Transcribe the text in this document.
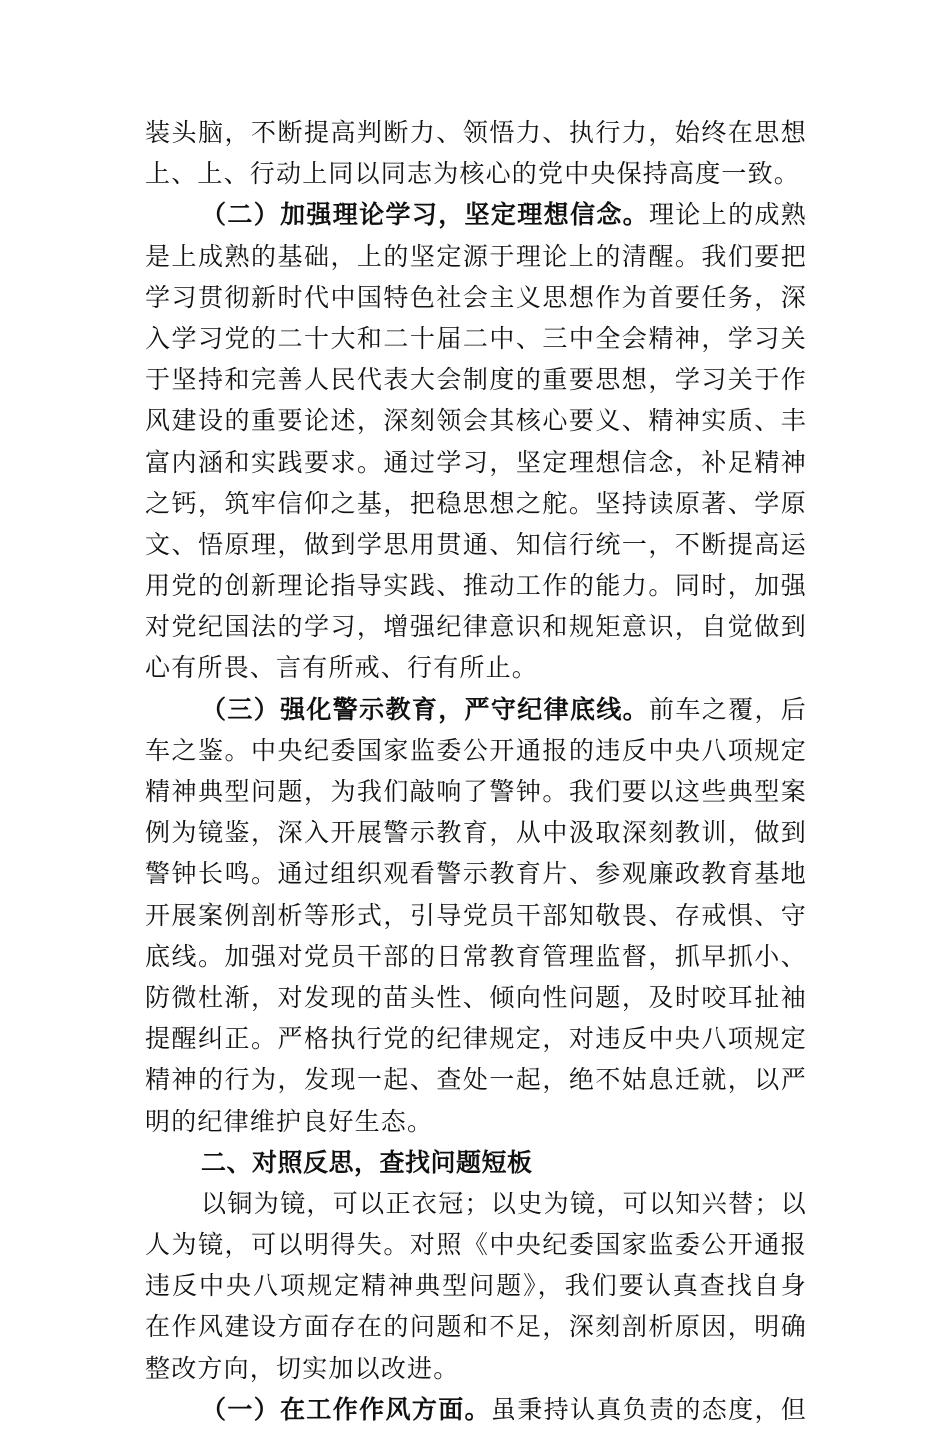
装头脑，不断提高判断力、领悟力、执行力，始终在思想
上、上、行动上同以同志为核心的党中央保持高度一致。
（二）加强理论学习，坚定理想信念。理论上的成熟
是上成熟的基础，上的坚定源于理论上的清醒。我们要把
学习贯彻新时代中国特色社会主义思想作为首要任务，深
入学习党的二十大和二十届二中、三中全会精神，学习关
于坚持和完善人民代表大会制度的重要思想，学习关于作
风建设的重要论述，深刻领会其核心要义、精神实质、丰
富内涵和实践要求。通过学习，坚定理想信念，补足精神
之钙，筑牢信仰之基，把稳思想之舵。坚持读原著、学原
文、悟原理，做到学思用贯通、知信行统一，不断提高运
用党的创新理论指导实践、推动工作的能力。同时，加强
对党纪国法的学习，增强纪律意识和规矩意识，自觉做到
心有所畏、言有所戒、行有所止。
（三）强化警示教育，严守纪律底线。前车之覆，后
车之鉴。中央纪委国家监委公开通报的违反中央八项规定
精神典型问题，为我们敲响了警钟。我们要以这些典型案
例为镜鉴，深入开展警示教育，从中汲取深刻教训，做到
警钟长鸣。通过组织观看警示教育片、参观廉政教育基地
开展案例剖析等形式，引导党员干部知敬畏、存戒惧、守
底线。加强对党员干部的日常教育管理监督，抓早抓小、
防微杜渐，对发现的苗头性、倾向性问题，及时咬耳扯袖
提醒纠正。严格执行党的纪律规定，对违反中央八项规定
精神的行为，发现一起、查处一起，绝不姑息迁就，以严
明的纪律维护良好生态。
二、对照反思，查找问题短板
以铜为镜，可以正衣冠；以史为镜，可以知兴替；以
人为镜，可以明得失。对照《中央纪委国家监委公开通报
违反中央八项规定精神典型问题》，我们要认真查找自身
在作风建设方面存在的问题和不足，深刻剖析原因，明确
整改方向，切实加以改进。
（一）在工作作风方面。虽秉持认真负责的态度，但
